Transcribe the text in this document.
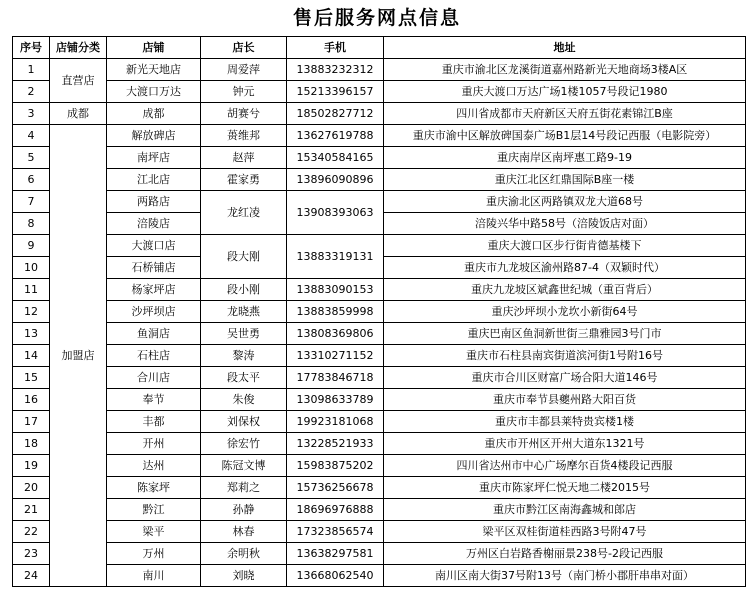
售后服务网点信息
序号	店铺分类	店铺	店长	手机	地址
1	直营店	新光天地店	周爱萍	13883232312	重庆市渝北区龙溪街道嘉州路新光天地商场3楼A区
2		大渡口万达	钟元	15213396157	重庆大渡口万达广场1楼1057号段记1980
3	成都	成都	胡赛兮	18502827712	四川省成都市天府新区天府五街花素锦江B座
4	加盟店	解放碑店	蒉维邦	13627619788	重庆市渝中区解放碑国泰广场B1层14号段记西服（电影院旁）
5		南坪店	赵萍	15340584165	重庆南岸区南坪惠工路9-19
6		江北店	霍家勇	13896090896	重庆江北区红鼎国际B座一楼
7		两路店	龙红凌	13908393063	重庆渝北区两路镇双龙大道68号
8		涪陵店			涪陵兴华中路58号（涪陵饭店对面）
9		大渡口店	段大刚	13883319131	重庆大渡口区步行街肯德基楼下
10		石桥铺店			重庆市九龙坡区渝州路87-4（双颖时代）
11		杨家坪店	段小刚	13883090153	重庆九龙坡区斌鑫世纪城（重百背后）
12		沙坪坝店	龙晓燕	13883859998	重庆沙坪坝小龙坎小新街64号
13		鱼洞店	吴世勇	13808369806	重庆巴南区鱼洞新世街三鼎雅园3号门市
14		石柱店	黎涛	13310271152	重庆市石柱县南宾街道滨河街1号附16号
15		合川店	段太平	17783846718	重庆市合川区财富广场合阳大道146号
16		奉节	朱俊	13098633789	重庆市奉节县夔州路大阳百货
17		丰都	刘保权	19923181068	重庆市丰都县莱特贵宾楼1楼
18		开州	徐宏竹	13228521933	重庆市开州区开州大道东1321号
19		达州	陈冠文博	15983875202	四川省达州市中心广场摩尔百货4楼段记西服
20		陈家坪	郑莉之	15736256678	重庆市陈家坪仁悦天地二楼2015号
21		黔江	孙静	18696976888	重庆市黔江区南海鑫城和郎店
22		梁平	林春	17323856574	梁平区双桂街道桂西路3号附47号
23		万州	余明秋	13638297581	万州区白岩路香榭丽景238号-2段记西服
24		南川	刘晓	13668062540	南川区南大街37号附13号（南门桥小郡肝串串对面）
